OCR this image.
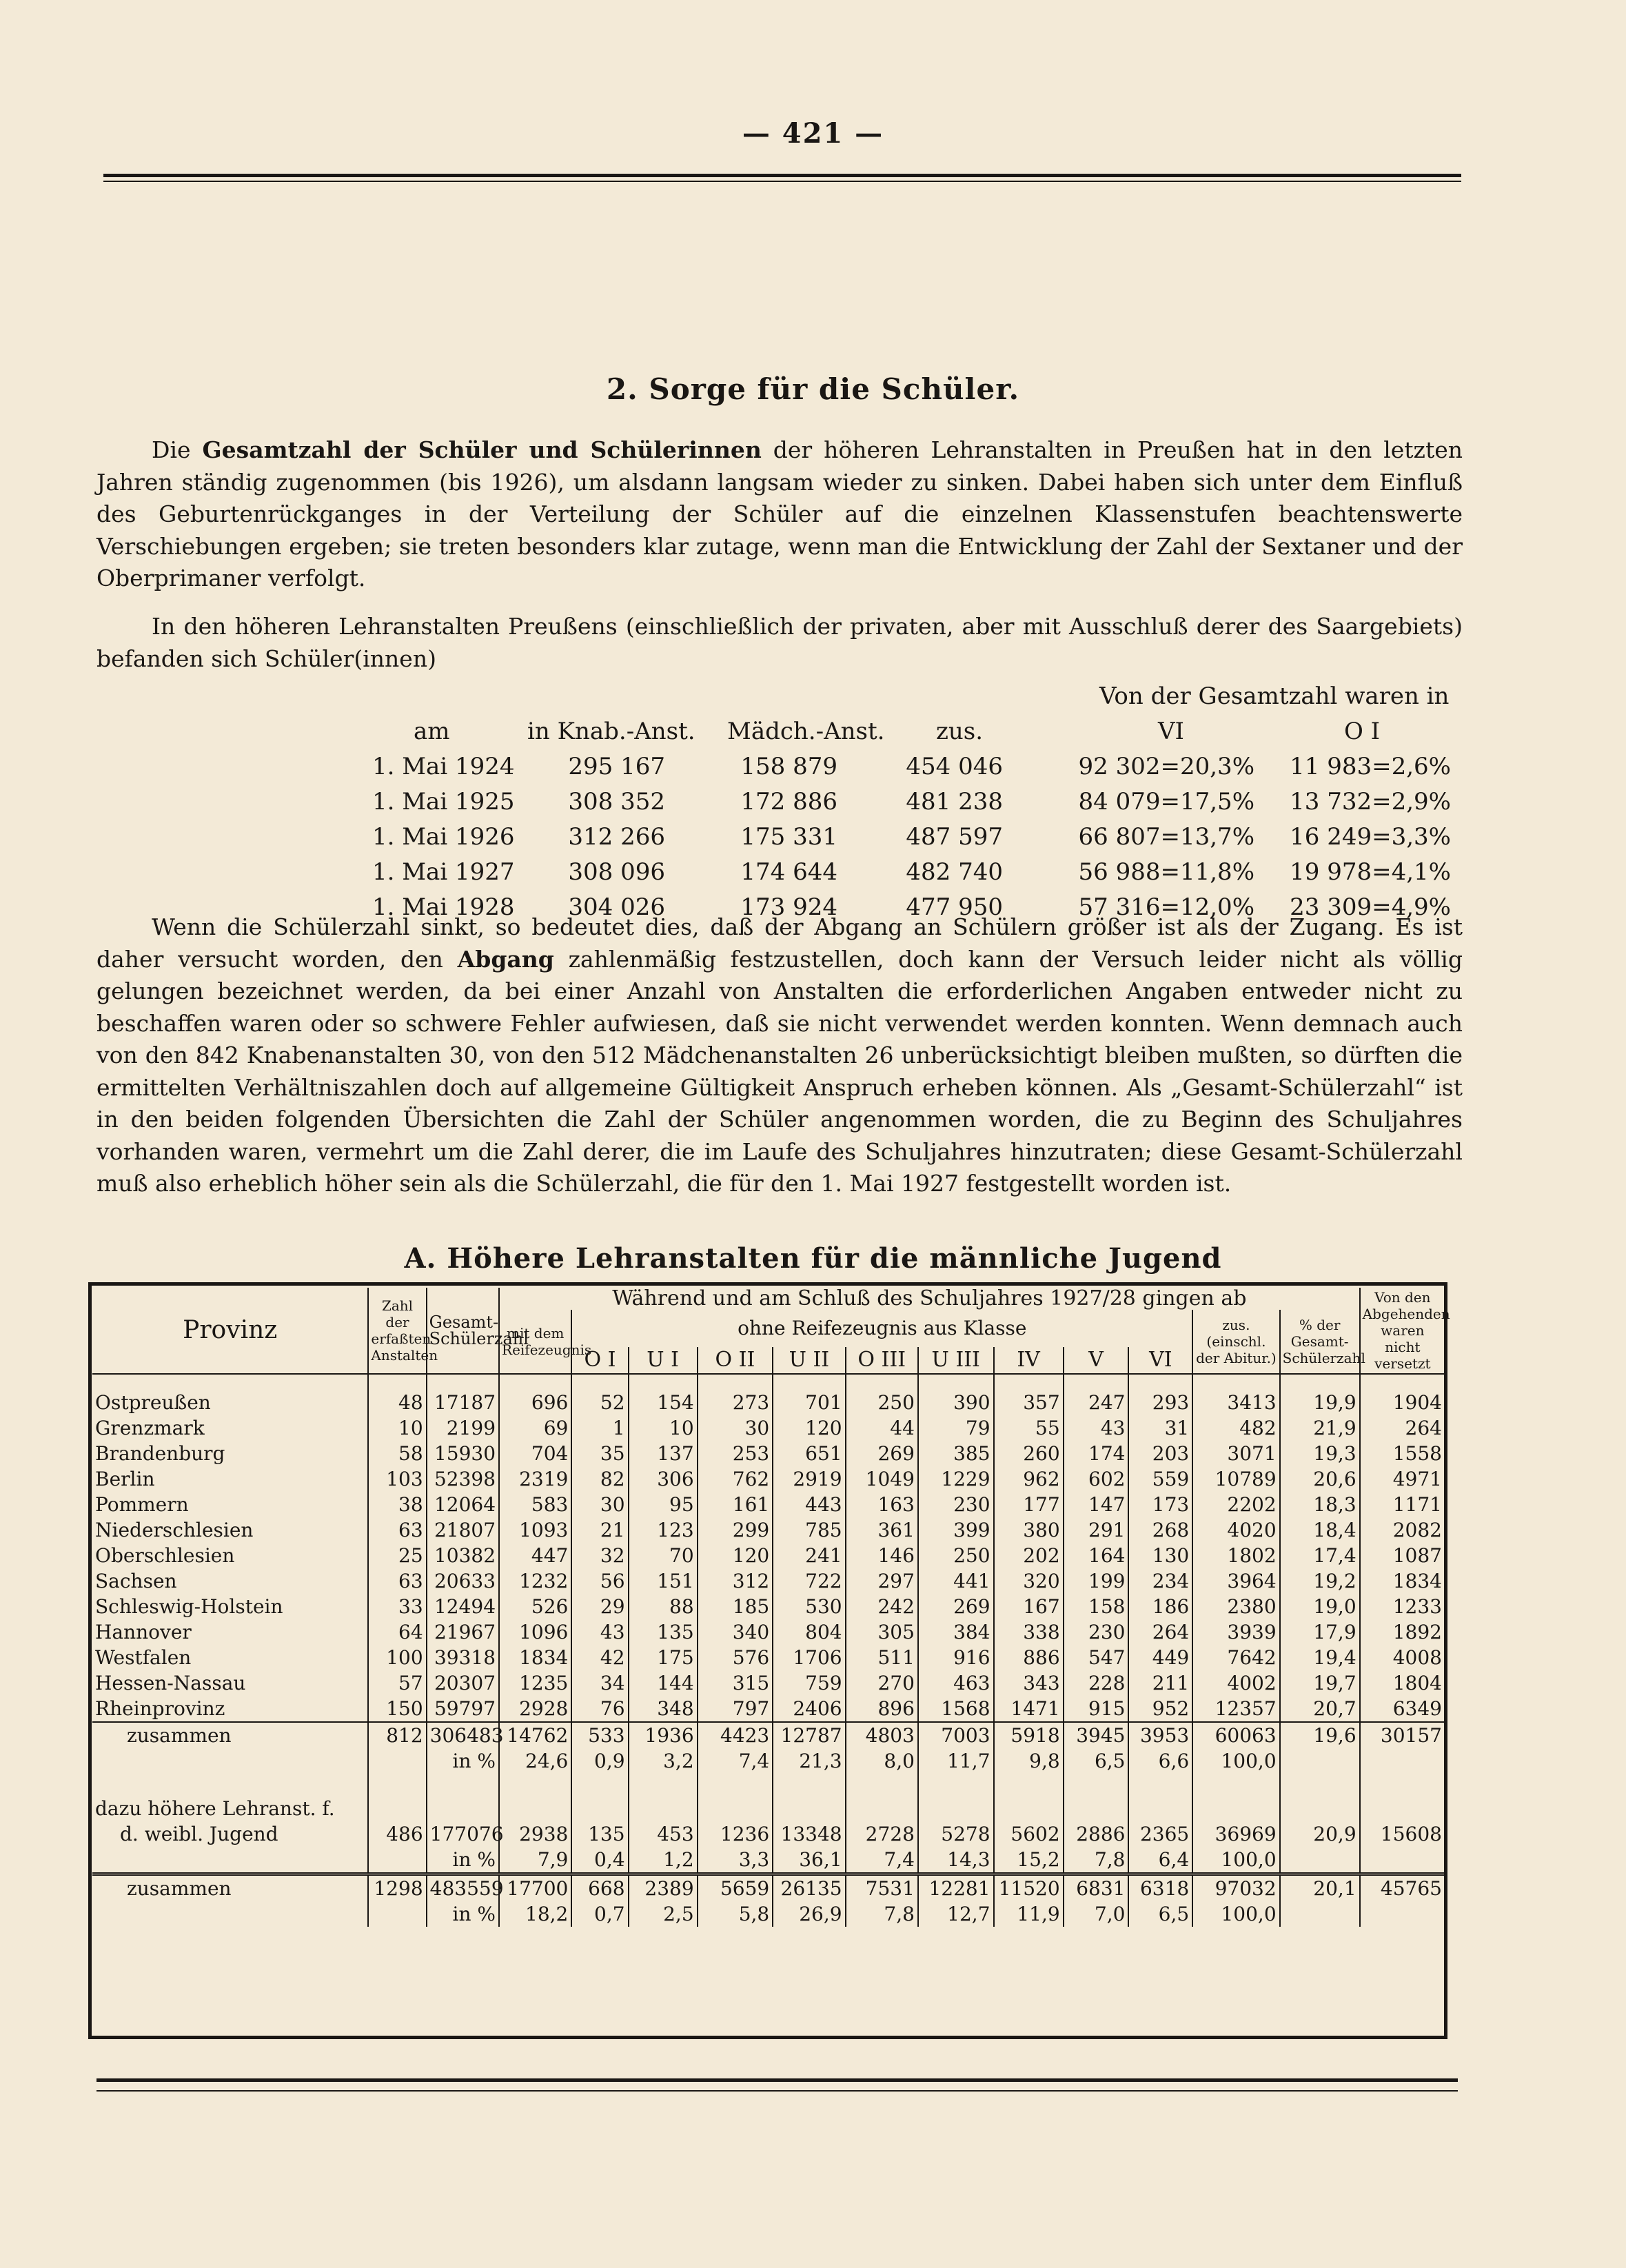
— 421 —
2. Sorge für die Schüler.

Die Gesamtzahl der Schüler und Schülerinnen der höheren Lehranstalten in Preußen hat in den letzten Jahren ständig zugenommen (bis 1926), um alsdann langsam wieder zu sinken. Dabei haben sich unter dem Einfluß des Geburtenrückganges in der Verteilung der Schüler auf die einzelnen Klassenstufen beachtenswerte Verschiebungen ergeben; sie treten besonders klar zutage, wenn man die Entwicklung der Zahl der Sextaner und der Oberprimaner verfolgt.

In den höheren Lehranstalten Preußens (einschließlich der privaten, aber mit Ausschluß derer des Saargebiets) befanden sich Schüler(innen)

Von der Gesamtzahl waren in
am	in Knab.-Anst. Mädch.-Anst. zus.	VI	O I
1. Mai 1924 295 167	158 879	454 046	92 302=20,3% 11 983=2,6%
1. Mai 1925 308 352	172 886	481 238	84 079=17,5% 13 732=2,9%
1. Mai 1926 312 266	175 331	487 597	66 807=13,7% 16 249=3,3%
1. Mai 1927 308 096	174 644	482 740	56 988=11,8% 19 978=4,1%
1. Mai 1928 304 026	173 924	477 950	57 316=12,0% 23 309=4,9%

Wenn die Schülerzahl sinkt, so bedeutet dies, daß der Abgang an Schülern größer ist als der Zugang. Es ist daher versucht worden, den Abgang zahlenmäßig festzustellen, doch kann der Versuch leider nicht als völlig gelungen bezeichnet werden, da bei einer Anzahl von Anstalten die erforderlichen Angaben entweder nicht zu beschaffen waren oder so schwere Fehler aufwiesen, daß sie nicht verwendet werden konnten. Wenn demnach auch von den 842 Knabenanstalten 30, von den 512 Mädchenanstalten 26 unberücksichtigt bleiben mußten, so dürften die ermittelten Verhältniszahlen doch auf allgemeine Gültigkeit Anspruch erheben können. Als „Gesamt-Schülerzahl“ ist in den beiden folgenden Übersichten die Zahl der Schüler angenommen worden, die zu Beginn des Schuljahres vorhanden waren, vermehrt um die Zahl derer, die im Laufe des Schuljahres hinzutraten; diese Gesamt-Schülerzahl muß also erheblich höher sein als die Schülerzahl, die für den 1. Mai 1927 festgestellt worden ist.

A. Höhere Lehranstalten für die männliche Jugend
Provinz	Zahl der erfaßten Anstalten	Gesamt-Schülerzahl	Während und am Schluß des Schuljahres 1927/28 gingen ab												Von den Abgehenden waren nicht versetzt
			mit dem Reifezeugnis	ohne Reifezeugnis aus Klasse									zus. (einschl. der Abitur.)	% der Gesamt-Schülerzahl	
				O I	U I	O II	U II	O III	U III	IV	V	VI			
Ostpreußen	48	17187	696	52	154	273	701	250	390	357	247	293	3413	19,9	1904
Grenzmark	10	2199	69	1	10	30	120	44	79	55	43	31	482	21,9	264
Brandenburg	58	15930	704	35	137	253	651	269	385	260	174	203	3071	19,3	1558
Berlin	103	52398	2319	82	306	762	2919	1049	1229	962	602	559	10789	20,6	4971
Pommern	38	12064	583	30	95	161	443	163	230	177	147	173	2202	18,3	1171
Niederschlesien	63	21807	1093	21	123	299	785	361	399	380	291	268	4020	18,4	2082
Oberschlesien	25	10382	447	32	70	120	241	146	250	202	164	130	1802	17,4	1087
Sachsen	63	20633	1232	56	151	312	722	297	441	320	199	234	3964	19,2	1834
Schleswig-Holstein	33	12494	526	29	88	185	530	242	269	167	158	186	2380	19,0	1233
Hannover	64	21967	1096	43	135	340	804	305	384	338	230	264	3939	17,9	1892
Westfalen	100	39318	1834	42	175	576	1706	511	916	886	547	449	7642	19,4	4008
Hessen-Nassau	57	20307	1235	34	144	315	759	270	463	343	228	211	4002	19,7	1804
Rheinprovinz	150	59797	2928	76	348	797	2406	896	1568	1471	915	952	12357	20,7	6349
zusammen	812	306483	14762	533	1936	4423	12787	4803	7003	5918	3945	3953	60063	19,6	30157
		in %	24,6	0,9	3,2	7,4	21,3	8,0	11,7	9,8	6,5	6,6	100,0		

dazu höhere Lehranst. f.															
d. weibl. Jugend	486	177076	2938	135	453	1236	13348	2728	5278	5602	2886	2365	36969	20,9	15608
		in %	7,9	0,4	1,2	3,3	36,1	7,4	14,3	15,2	7,8	6,4	100,0		
zusammen	1298	483559	17700	668	2389	5659	26135	7531	12281	11520	6831	6318	97032	20,1	45765
		in %	18,2	0,7	2,5	5,8	26,9	7,8	12,7	11,9	7,0	6,5	100,0		
